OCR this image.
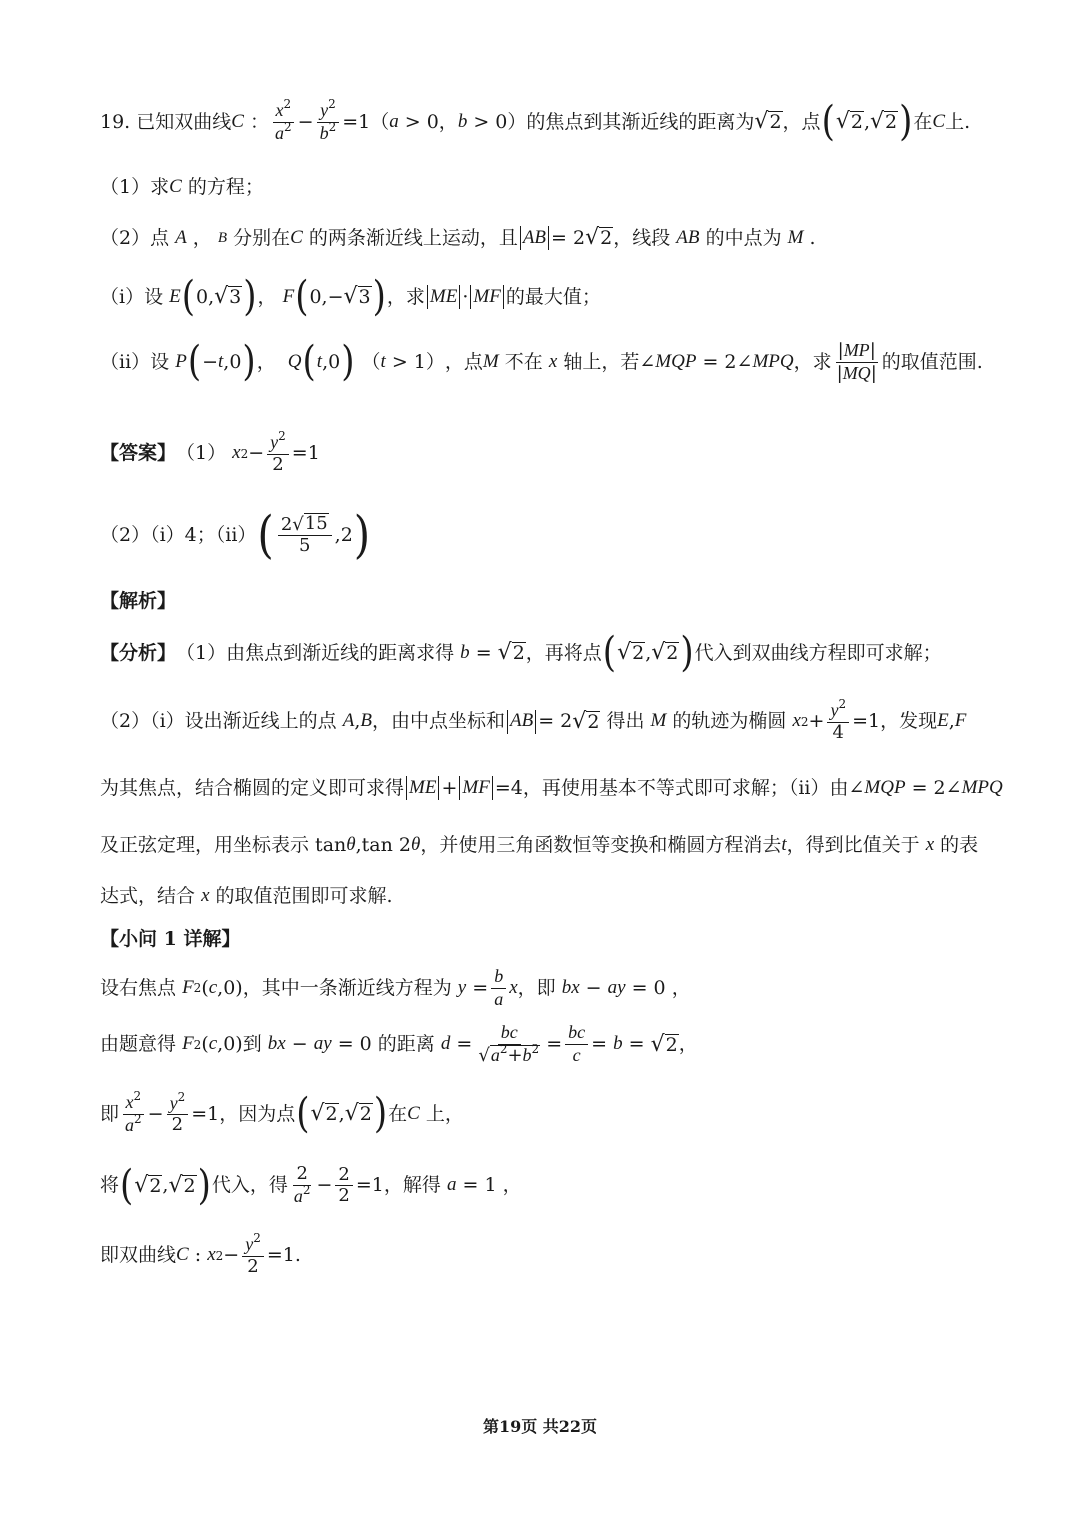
19. 已知双曲线 C ： $\frac{x^2}{a^2} - \frac{y^2}{b^2} =1$（ a > 0， b > 0） 的焦点到其渐近线的距离为 √ 2 ，点 ( √ 2 , √ 2 ) 在 C 上.
（1）求 C
的方程；
（2）点
A ， B
分别在 C
的两条渐近线上运动，且 AB = 2 √ 2 ，线段
AB
的中点为
M .
（i）设
E ( 0, √ 3 ) ， F ( 0,− √ 3 ) ，求 ME · MF 的最大值；
（ii）设
P ( − t ,0 ) ， Q ( t ,0 ) （ t > 1） ，点 M
不在
x
轴上，若 ∠ MQP = 2∠ MPQ ，求 $\frac{|MP|}{|MQ|}$ 的取值范围.
【答案】 （1）
x $2 - \frac{y^2}{2} =1$
（2）（i）4；（ii） ( $\frac{2 √ 15}{5} ,2$ )
【解析】
【分析】 （1）由焦点到渐近线的距离求得
b = √ 2 ，再将点 ( √ 2 , √ 2 ) 代入到双曲线方程即可求解；
（2）（i）设出渐近线上的点
A , B ，由中点坐标和 AB = 2 √ 2
得出
M
的轨迹为椭圆
x $2 + \frac{y^2}{4} =1$ ，发现 E , F
为其焦点，结合椭圆的定义即可求得 ME + MF =4 ，再使用基本不等式即可求解；（ii）由 ∠ MQP = 2∠ MPQ
及正弦定理，用坐标表示 tan θ ,tan 2 θ ，并使用三角函数恒等变换和椭圆方程消去 t ，得到比值关于
x
的表
达式，结合
x
的取值范围即可求解.
【小问 1 详解】
设右焦点
F 2 ( c ,0) ，其中一条渐近线方程为
$y = \frac{b}{a}$ x ，即
bx − ay = 0 ，
由题意得
F 2 ( c ,0) 到
bx − ay = 0 的距离
$d = \frac{bc}{√ a^2+b^2} = \frac{bc}{c} = b$ = √ 2 ，
即 $\frac{x^2}{a^2} - \frac{y^2}{2} =1$ ，因为点 ( √ 2 , √ 2 ) 在 C
上，
将 ( √ 2 , √ 2 ) 代入，得 $\frac{2}{a^2} - \frac{2}{2} =1$ ，解得
a = 1 ，
即双曲线 C : x $2 - \frac{y^2}{2} =1$ .
第19页 共22页
